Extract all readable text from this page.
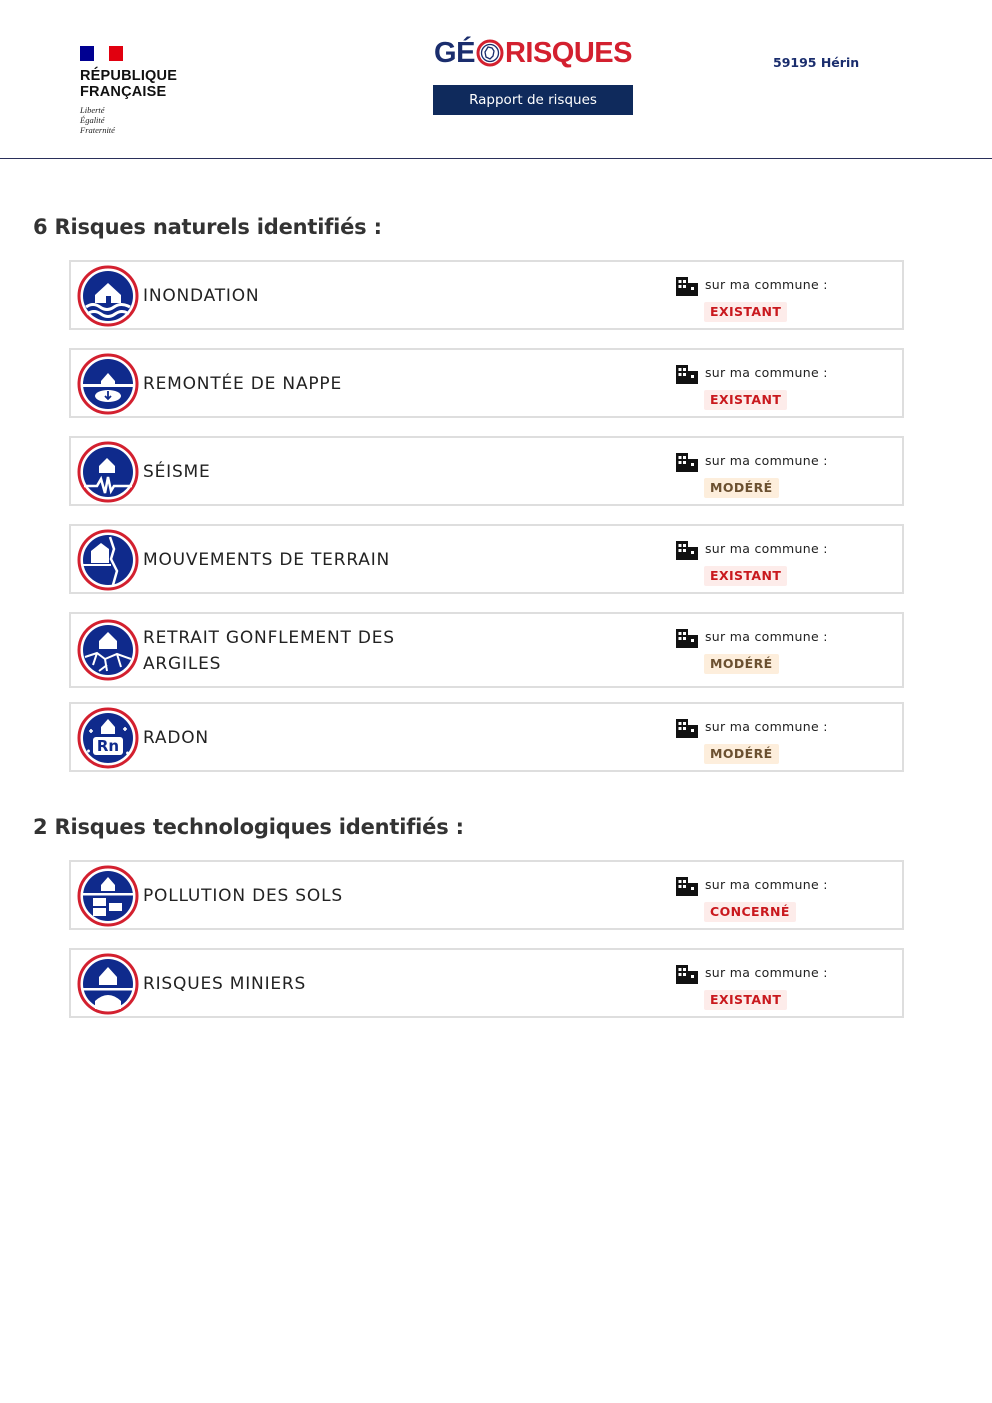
RÉPUBLIQUE
FRANÇAISE
Liberté
Égalité
Fraternité
GÉ RISQUES
Rapport de risques
59195 Hérin
6 Risques naturels identifiés :
INONDATION
sur ma commune :
EXISTANT
REMONTÉE DE NAPPE
sur ma commune :
EXISTANT
SÉISME
sur ma commune :
MODÉRÉ
MOUVEMENTS DE TERRAIN
sur ma commune :
EXISTANT
RETRAIT GONFLEMENT DES
ARGILES
sur ma commune :
MODÉRÉ
Rn RADON
sur ma commune :
MODÉRÉ
2 Risques technologiques identifiés :
POLLUTION DES SOLS
sur ma commune :
CONCERNÉ
RISQUES MINIERS
sur ma commune :
EXISTANT
